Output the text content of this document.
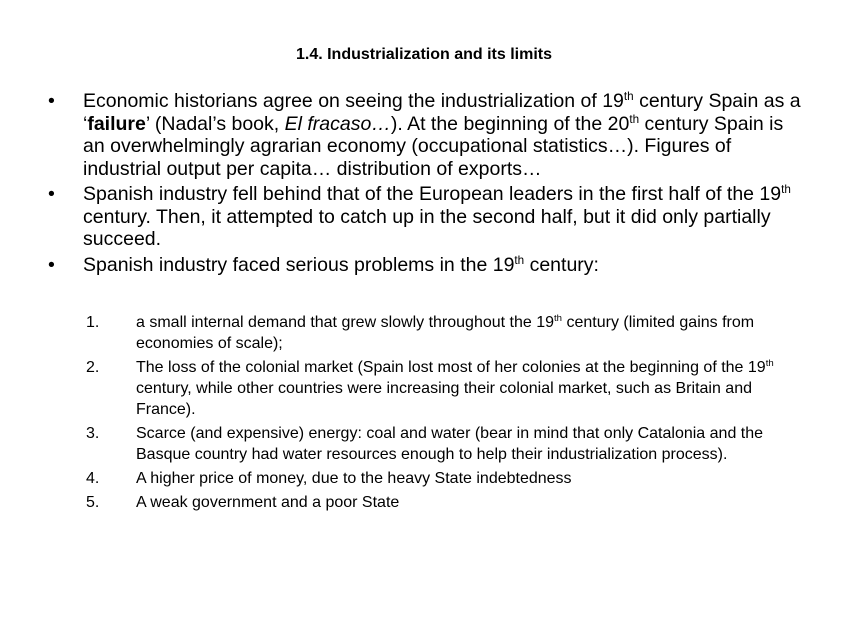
1.4. Industrialization and its limits
•	Economic historians agree on seeing the industrialization of 19th century Spain as a ‘failure’ (Nadal’s book, El fracaso…). At the beginning of the 20th century Spain is an overwhelmingly agrarian economy (occupational statistics…). Figures of industrial output per capita… distribution of exports…
•	Spanish industry fell behind that of the European leaders in the first half of the 19th century. Then, it attempted to catch up in the second half, but it did only partially succeed.
•	Spanish industry faced serious problems in the 19th century:
1.	a small internal demand that grew slowly throughout the 19th century (limited gains from economies of scale);
2.	The loss of the colonial market (Spain lost most of her colonies at the beginning of the 19th century, while other countries were increasing their colonial market, such as Britain and France).
3.	Scarce (and expensive) energy: coal and water (bear in mind that only Catalonia and the Basque country had water resources enough to help their industrialization process).
4.	A higher price of money, due to the heavy State indebtedness
5.	A weak government and a poor State
